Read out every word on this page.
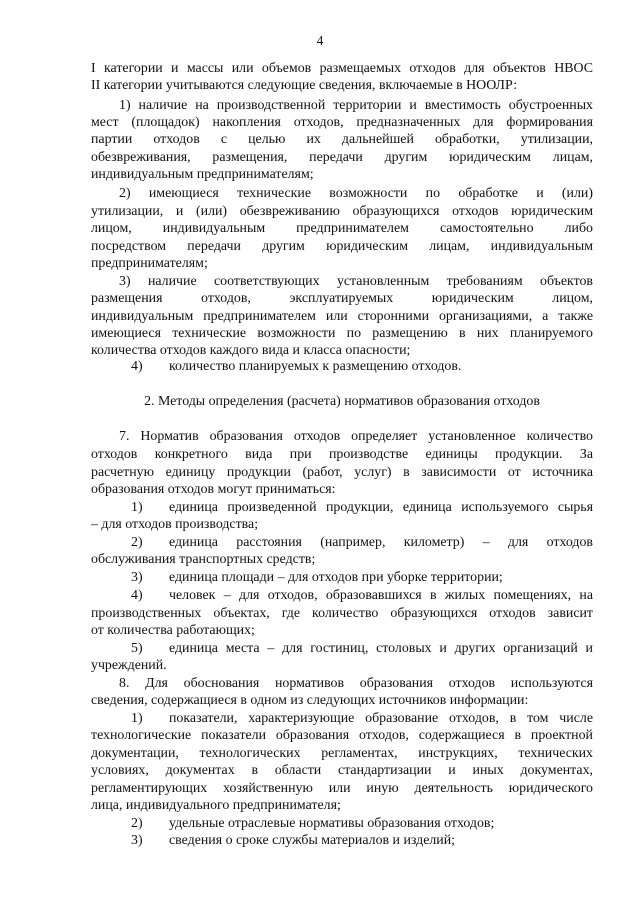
4
I категории и массы или объемов размещаемых отходов для объектов НВОС
II категории учитываются следующие сведения, включаемые в НООЛР:
1) наличие на производственной территории и вместимость обустроенных
мест (площадок) накопления отходов, предназначенных для формирования
партии отходов с целью их дальнейшей обработки, утилизации,
обезвреживания, размещения, передачи другим юридическим лицам,
индивидуальным предпринимателям;
2) имеющиеся технические возможности по обработке и (или)
утилизации, и (или) обезвреживанию образующихся отходов юридическим
лицом, индивидуальным предпринимателем самостоятельно либо
посредством передачи другим юридическим лицам, индивидуальным
предпринимателям;
3) наличие соответствующих установленным требованиям объектов
размещения отходов, эксплуатируемых юридическим лицом,
индивидуальным предпринимателем или сторонними организациями, а также
имеющиеся технические возможности по размещению в них планируемого
количества отходов каждого вида и класса опасности;
4)	количество планируемых к размещению отходов.
2. Методы определения (расчета) нормативов образования отходов
7. Норматив образования отходов определяет установленное количество
отходов конкретного вида при производстве единицы продукции. За
расчетную единицу продукции (работ, услуг) в зависимости от источника
образования отходов могут приниматься:
1)	единица произведенной продукции, единица используемого сырья
– для отходов производства;
2)	единица расстояния (например, километр) – для отходов
обслуживания транспортных средств;
3)	единица площади – для отходов при уборке территории;
4)	человек – для отходов, образовавшихся в жилых помещениях, на
производственных объектах, где количество образующихся отходов зависит
от количества работающих;
5)	единица места – для гостиниц, столовых и других организаций и
учреждений.
8. Для обоснования нормативов образования отходов используются
сведения, содержащиеся в одном из следующих источников информации:
1)	показатели, характеризующие образование отходов, в том числе
технологические показатели образования отходов, содержащиеся в проектной
документации, технологических регламентах, инструкциях, технических
условиях, документах в области стандартизации и иных документах,
регламентирующих хозяйственную или иную деятельность юридического
лица, индивидуального предпринимателя;
2)	удельные отраслевые нормативы образования отходов;
3)	сведения о сроке службы материалов и изделий;
